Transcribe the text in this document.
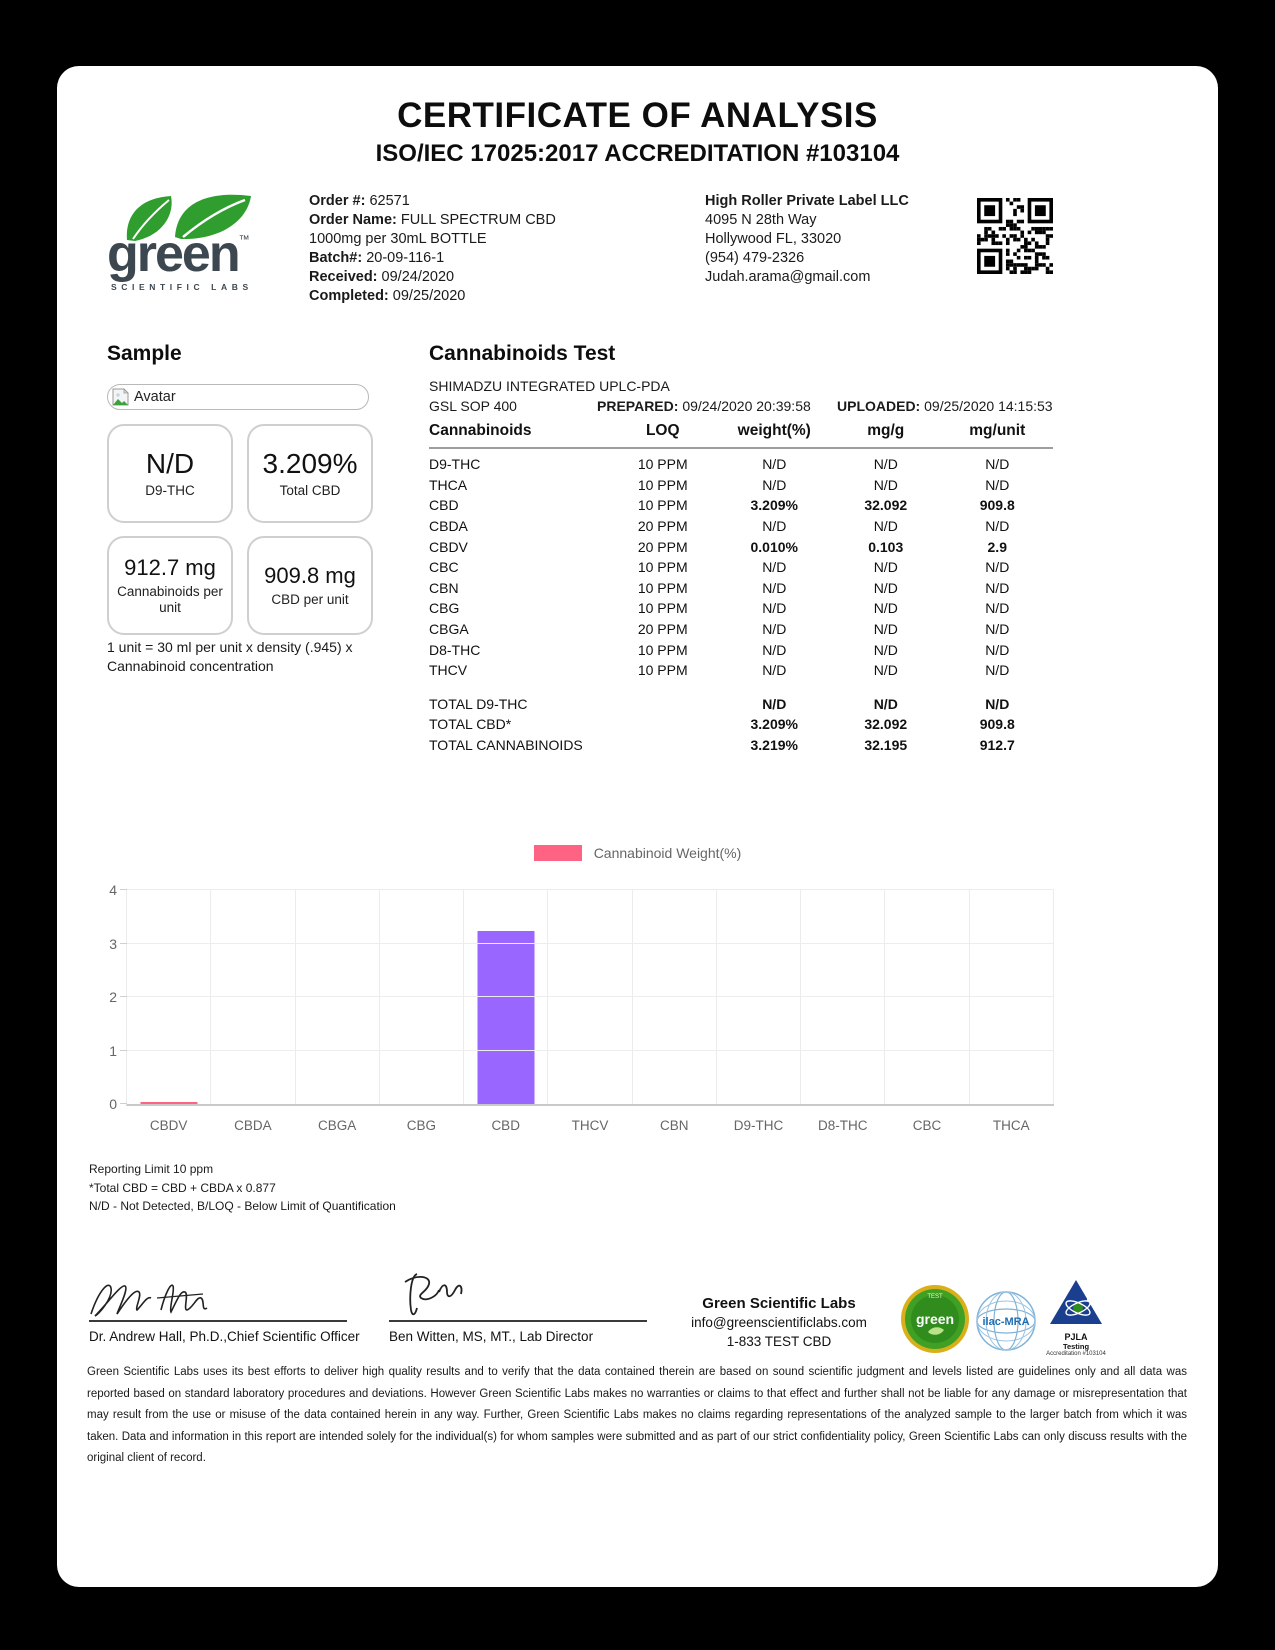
CERTIFICATE OF ANALYSIS
ISO/IEC 17025:2017 ACCREDITATION #103104
green™
SCIENTIFIC LABS
Order #: 62571
Order Name: FULL SPECTRUM CBD 1000mg per 30mL BOTTLE
Batch#: 20-09-116-1
Received: 09/24/2020
Completed: 09/25/2020
High Roller Private Label LLC
4095 N 28th Way
Hollywood FL, 33020
(954) 479-2326
Judah.arama@gmail.com
Sample
Avatar
N/D
D9-THC
3.209%
Total CBD
912.7 mg
Cannabinoids per unit
909.8 mg
CBD per unit
1 unit = 30 ml per unit x density (.945) x Cannabinoid concentration
Cannabinoids Test
SHIMADZU INTEGRATED UPLC-PDA
GSL SOP 400	PREPARED: 09/24/2020 20:39:58 UPLOADED: 09/25/2020 14:15:53
Cannabinoids	LOQ	weight(%)	mg/g	mg/unit
D9-THC	10 PPM	N/D	N/D	N/D
THCA	10 PPM	N/D	N/D	N/D
CBD	10 PPM	3.209%	32.092	909.8
CBDA	20 PPM	N/D	N/D	N/D
CBDV	20 PPM	0.010%	0.103	2.9
CBC	10 PPM	N/D	N/D	N/D
CBN	10 PPM	N/D	N/D	N/D
CBG	10 PPM	N/D	N/D	N/D
CBGA	20 PPM	N/D	N/D	N/D
D8-THC	10 PPM	N/D	N/D	N/D
THCV	10 PPM	N/D	N/D	N/D
TOTAL D9-THC	N/D	N/D	N/D
TOTAL CBD*	3.209%	32.092	909.8
TOTAL CANNABINOIDS	3.219%	32.195	912.7
Cannabinoid Weight(%)
CBDV	CBDA	CBGA	CBG	CBD	THCV	CBN	D9-THC	D8-THC	CBC	THCA
0
1
2
3
4
Reporting Limit 10 ppm
*Total CBD = CBD + CBDA x 0.877
N/D - Not Detected, B/LOQ - Below Limit of Quantification
Dr. Andrew Hall, Ph.D.,Chief Scientific Officer Ben Witten, MS, MT., Lab Director
Green Scientific Labs
info@greenscientificlabs.com
1-833 TEST CBD
TEST
green	ilac-MRA
PJLA
Testing
Accreditation #103104
Green Scientific Labs uses its best efforts to deliver high quality results and to verify that the data contained therein are based on sound scientific judgment and levels listed are guidelines only and all data was reported based on standard laboratory procedures and deviations. However Green Scientific Labs makes no warranties or claims to that effect and further shall not be liable for any damage or misrepresentation that may result from the use or misuse of the data contained herein in any way. Further, Green Scientific Labs makes no claims regarding representations of the analyzed sample to the larger batch from which it was taken. Data and information in this report are intended solely for the individual(s) for whom samples were submitted and as part of our strict confidentiality policy, Green Scientific Labs can only discuss results with the original client of record.
